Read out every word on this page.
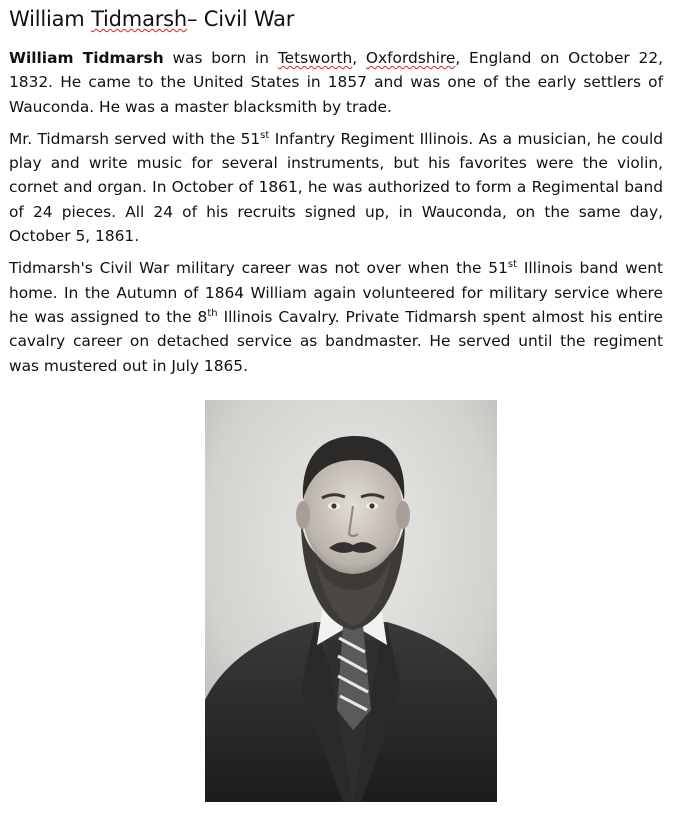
William Tidmarsh– Civil War

William Tidmarsh was born in Tetsworth, Oxfordshire, England on October 22, 1832. He came to the United States in 1857 and was one of the early settlers of Wauconda. He was a master blacksmith by trade.

Mr. Tidmarsh served with the 51st Infantry Regiment Illinois. As a musician, he could play and write music for several instruments, but his favorites were the violin, cornet and organ. In October of 1861, he was authorized to form a Regimental band of 24 pieces. All 24 of his recruits signed up, in Wauconda, on the same day, October 5, 1861.

Tidmarsh's Civil War military career was not over when the 51st Illinois band went home. In the Autumn of 1864 William again volunteered for military service where he was assigned to the 8th Illinois Cavalry. Private Tidmarsh spent almost his entire cavalry career on detached service as bandmaster. He served until the regiment was mustered out in July 1865.
